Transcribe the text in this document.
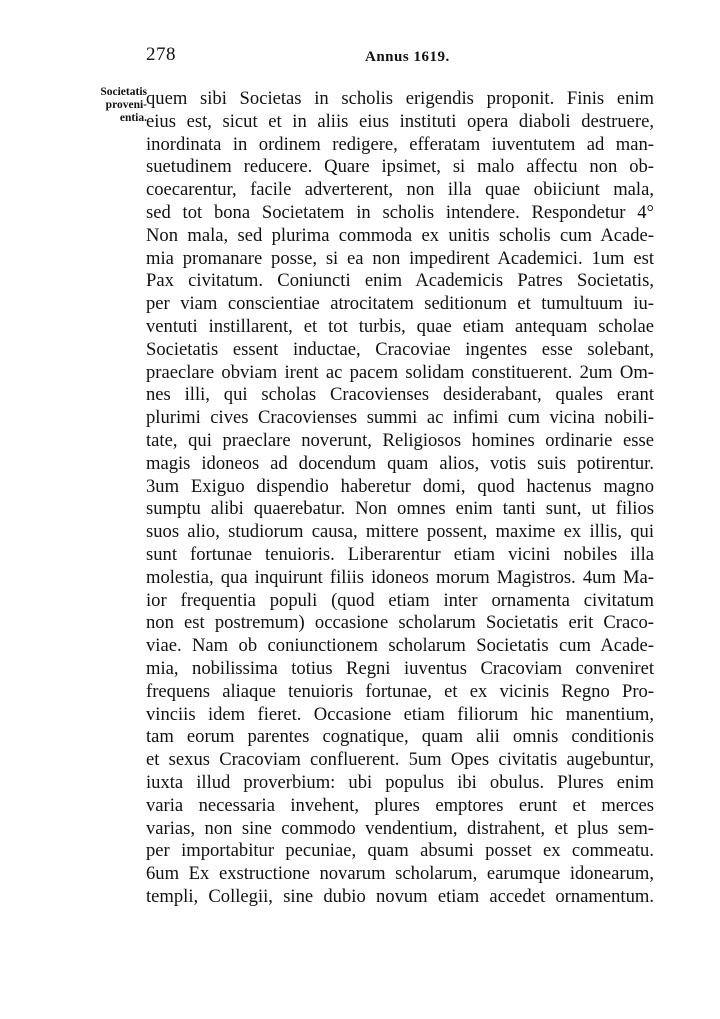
278	Annus 1619.
Societatis
proveni-
entia.
quem sibi Societas in scholis erigendis proponit. Finis enim
eius est, sicut et in aliis eius instituti opera diaboli destruere,
inordinata in ordinem redigere, efferatam iuventutem ad man-
suetudinem reducere. Quare ipsimet, si malo affectu non ob-
coecarentur, facile adverterent, non illa quae obiiciunt mala,
sed tot bona Societatem in scholis intendere. Respondetur 4°
Non mala, sed plurima commoda ex unitis scholis cum Acade-
mia promanare posse, si ea non impedirent Academici. 1um est
Pax civitatum. Coniuncti enim Academicis Patres Societatis,
per viam conscientiae atrocitatem seditionum et tumultuum iu-
ventuti instillarent, et tot turbis, quae etiam antequam scholae
Societatis essent inductae, Cracoviae ingentes esse solebant,
praeclare obviam irent ac pacem solidam constituerent. 2um Om-
nes illi, qui scholas Cracovienses desiderabant, quales erant
plurimi cives Cracovienses summi ac infimi cum vicina nobili-
tate, qui praeclare noverunt, Religiosos homines ordinarie esse
magis idoneos ad docendum quam alios, votis suis potirentur.
3um Exiguo dispendio haberetur domi, quod hactenus magno
sumptu alibi quaerebatur. Non omnes enim tanti sunt, ut filios
suos alio, studiorum causa, mittere possent, maxime ex illis, qui
sunt fortunae tenuioris. Liberarentur etiam vicini nobiles illa
molestia, qua inquirunt filiis idoneos morum Magistros. 4um Ma-
ior frequentia populi (quod etiam inter ornamenta civitatum
non est postremum) occasione scholarum Societatis erit Craco-
viae. Nam ob coniunctionem scholarum Societatis cum Acade-
mia, nobilissima totius Regni iuventus Cracoviam conveniret
frequens aliaque tenuioris fortunae, et ex vicinis Regno Pro-
vinciis idem fieret. Occasione etiam filiorum hic manentium,
tam eorum parentes cognatique, quam alii omnis conditionis
et sexus Cracoviam confluerent. 5um Opes civitatis augebuntur,
iuxta illud proverbium: ubi populus ibi obulus. Plures enim
varia necessaria invehent, plures emptores erunt et merces
varias, non sine commodo vendentium, distrahent, et plus sem-
per importabitur pecuniae, quam absumi posset ex commeatu.
6um Ex exstructione novarum scholarum, earumque idonearum,
templi, Collegii, sine dubio novum etiam accedet ornamentum.
